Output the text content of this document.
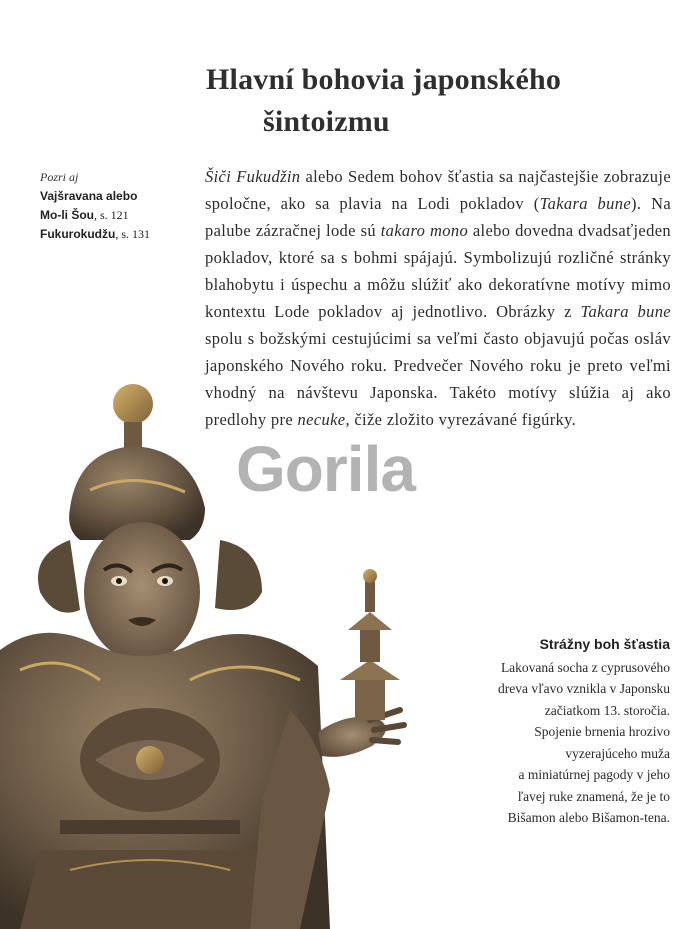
Hlavní bohovia japonského
šintoizmu
Pozri aj
Vajšravana alebo
Mo-li Šou, s. 121
Fukurokudžu, s. 131
Šiči Fukudžin alebo Sedem bohov šťastia sa najčastejšie zobrazuje spoločne, ako sa plavia na Lodi pokladov (Takara bune). Na palube zázračnej lode sú takaro mono alebo dovedna dvadsaťjeden pokladov, ktoré sa s bohmi spájajú. Symbolizujú rozličné stránky blahobytu i úspechu a môžu slúžiť ako dekoratívne motívy mimo kontextu Lode pokladov aj jednotlivo. Obrázky z Takara bune spolu s božskými cestujúcimi sa veľmi často objavujú počas osláv japonského Nového roku. Predvečer Nového roku je preto veľmi vhodný na návštevu Japonska. Takéto motívy slúžia aj ako predlohy pre necuke, čiže zložito vyrezávané figúrky.
Gorila
Strážny boh šťastia
Lakovaná socha z cyprusového
dreva vľavo vznikla v Japonsku
začiatkom 13. storočia.
Spojenie brnenia hrozivo
vyzerajúceho muža
a miniatúrnej pagody v jeho
ľavej ruke znamená, že je to
Bišamon alebo Bišamon-tena.
